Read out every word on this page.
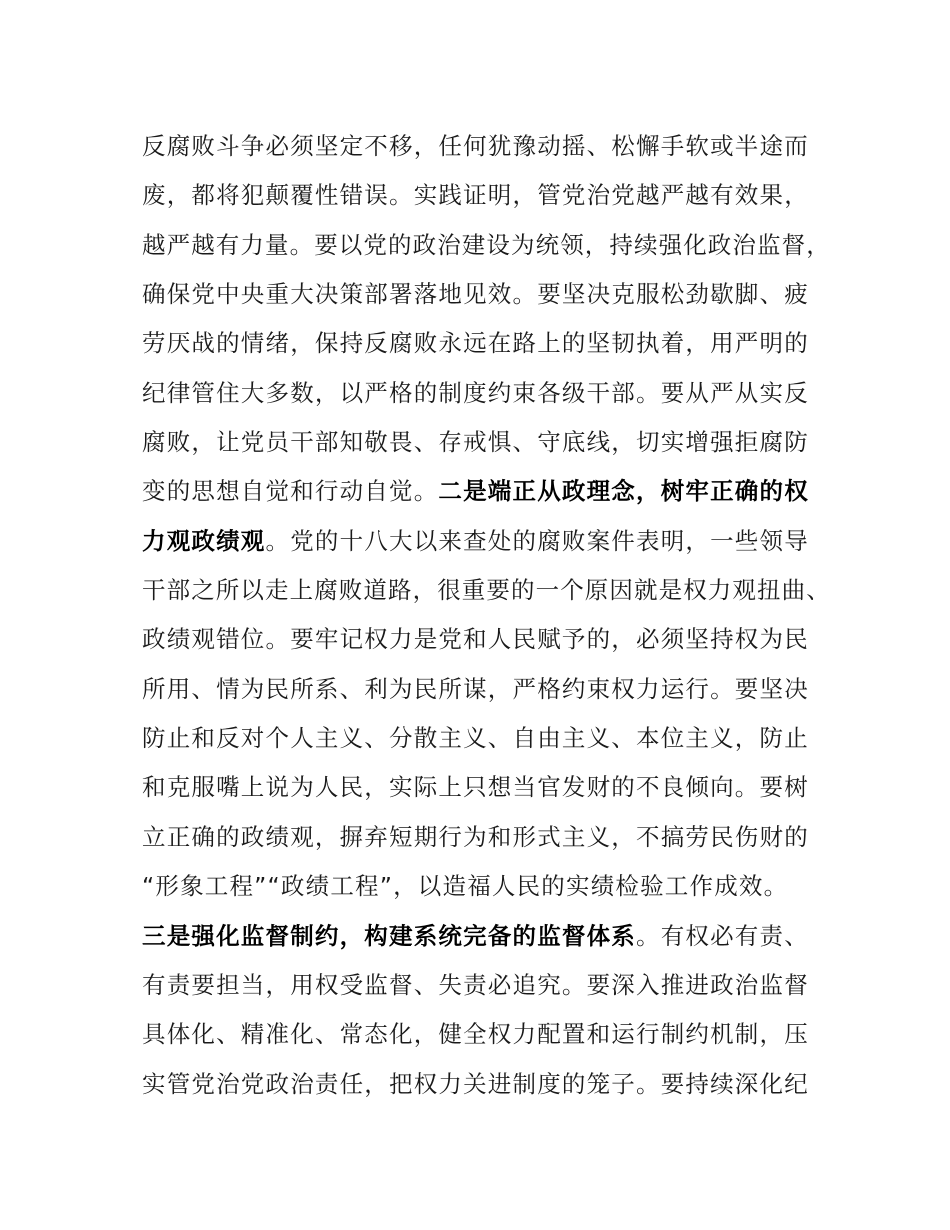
反腐败斗争必须坚定不移，任何犹豫动摇、松懈手软或半途而
废，都将犯颠覆性错误。实践证明，管党治党越严越有效果，
越严越有力量。要以党的政治建设为统领，持续强化政治监督，
确保党中央重大决策部署落地见效。要坚决克服松劲歇脚、疲
劳厌战的情绪，保持反腐败永远在路上的坚韧执着，用严明的
纪律管住大多数，以严格的制度约束各级干部。要从严从实反
腐败，让党员干部知敬畏、存戒惧、守底线，切实增强拒腐防
变的思想自觉和行动自觉。二是端正从政理念，树牢正确的权
力观政绩观。党的十八大以来查处的腐败案件表明，一些领导
干部之所以走上腐败道路，很重要的一个原因就是权力观扭曲、
政绩观错位。要牢记权力是党和人民赋予的，必须坚持权为民
所用、情为民所系、利为民所谋，严格约束权力运行。要坚决
防止和反对个人主义、分散主义、自由主义、本位主义，防止
和克服嘴上说为人民，实际上只想当官发财的不良倾向。要树
立正确的政绩观，摒弃短期行为和形式主义，不搞劳民伤财的
“形象工程”“政绩工程”，以造福人民的实绩检验工作成效。
三是强化监督制约，构建系统完备的监督体系。有权必有责、
有责要担当，用权受监督、失责必追究。要深入推进政治监督
具体化、精准化、常态化，健全权力配置和运行制约机制，压
实管党治党政治责任，把权力关进制度的笼子。要持续深化纪
